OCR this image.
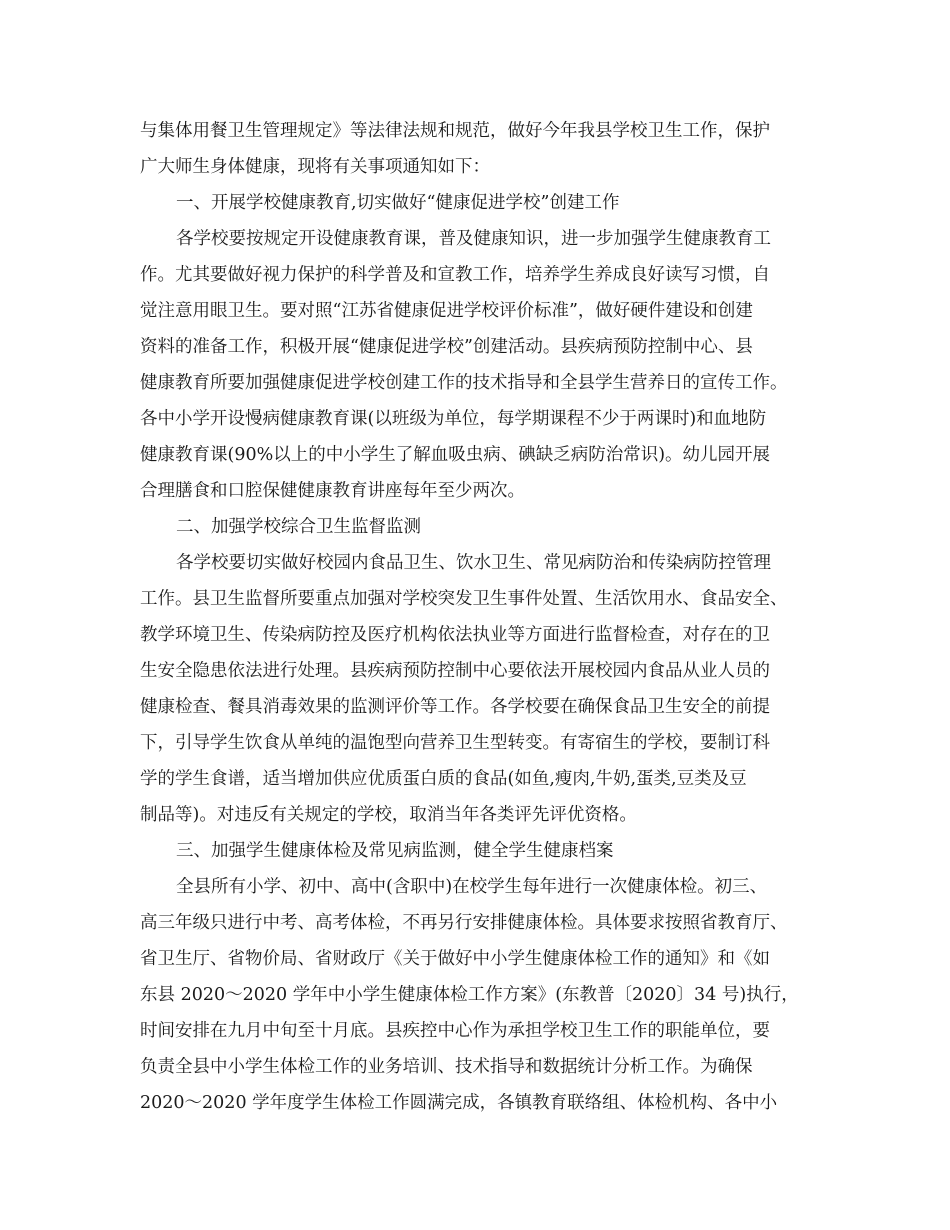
与集体用餐卫生管理规定》等法律法规和规范，做好今年我县学校卫生工作，保护
广大师生身体健康，现将有关事项通知如下：
一、开展学校健康教育,切实做好“健康促进学校”创建工作
各学校要按规定开设健康教育课，普及健康知识，进一步加强学生健康教育工
作。尤其要做好视力保护的科学普及和宣教工作，培养学生养成良好读写习惯，自
觉注意用眼卫生。要对照“江苏省健康促进学校评价标准”，做好硬件建设和创建
资料的准备工作，积极开展“健康促进学校”创建活动。县疾病预防控制中心、县
健康教育所要加强健康促进学校创建工作的技术指导和全县学生营养日的宣传工作。
各中小学开设慢病健康教育课(以班级为单位，每学期课程不少于两课时)和血地防
健康教育课(90%以上的中小学生了解血吸虫病、碘缺乏病防治常识)。幼儿园开展
合理膳食和口腔保健健康教育讲座每年至少两次。
二、加强学校综合卫生监督监测
各学校要切实做好校园内食品卫生、饮水卫生、常见病防治和传染病防控管理
工作。县卫生监督所要重点加强对学校突发卫生事件处置、生活饮用水、食品安全、
教学环境卫生、传染病防控及医疗机构依法执业等方面进行监督检查，对存在的卫
生安全隐患依法进行处理。县疾病预防控制中心要依法开展校园内食品从业人员的
健康检查、餐具消毒效果的监测评价等工作。各学校要在确保食品卫生安全的前提
下，引导学生饮食从单纯的温饱型向营养卫生型转变。有寄宿生的学校，要制订科
学的学生食谱，适当增加供应优质蛋白质的食品(如鱼,瘦肉,牛奶,蛋类,豆类及豆
制品等)。对违反有关规定的学校，取消当年各类评先评优资格。
三、加强学生健康体检及常见病监测，健全学生健康档案
全县所有小学、初中、高中(含职中)在校学生每年进行一次健康体检。初三、
高三年级只进行中考、高考体检，不再另行安排健康体检。具体要求按照省教育厅、
省卫生厅、省物价局、省财政厅《关于做好中小学生健康体检工作的通知》和《如
东县 2020～2020 学年中小学生健康体检工作方案》(东教普〔2020〕34 号)执行，
时间安排在九月中旬至十月底。县疾控中心作为承担学校卫生工作的职能单位，要
负责全县中小学生体检工作的业务培训、技术指导和数据统计分析工作。为确保
2020～2020 学年度学生体检工作圆满完成，各镇教育联络组、体检机构、各中小
